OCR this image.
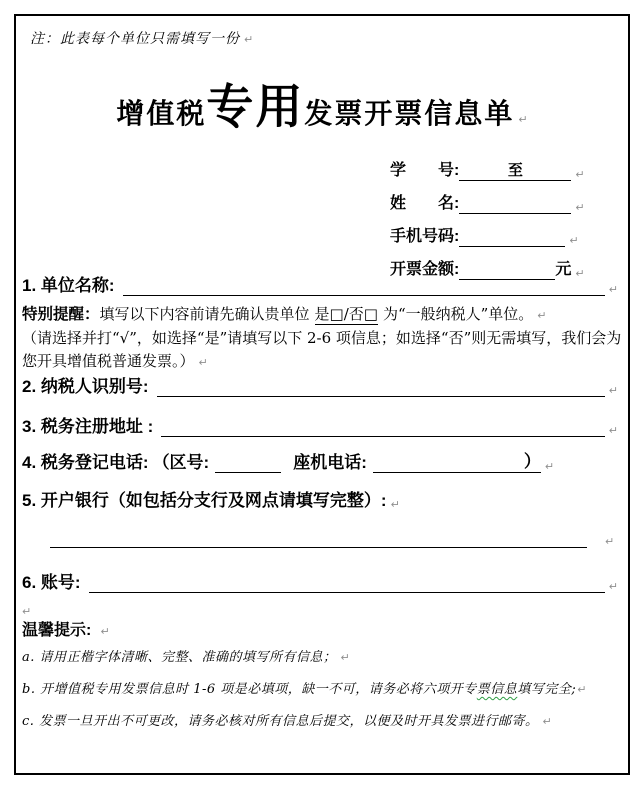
注：此表每个单位只需填写一份 ↵
增值税专用发票开票信息单 ↵
学　　号:	至	↵
姓　　名:	↵
手机号码:	↵
开票金额:	元 ↵
1. 单位名称:	↵
特别提醒：填写以下内容前请先确认贵单位 是□/否□ 为“一般纳税人”单位。 ↵
（请选择并打“√”，如选择“是”请填写以下 2-6 项信息；如选择“否”则无需填写，我们会为您开具增值税普通发票。） ↵
2. 纳税人识别号:	↵
3. 税务注册地址 :	↵
4. 税务登记电话: （区号:	座机电话:	） ↵
5. 开户银行（如包括分支行及网点请填写完整）: ↵
↵
6. 账号:	↵
↵
温馨提示: ↵
a. 请用正楷字体清晰、完整、准确的填写所有信息； ↵
b. 开增值税专用发票信息时 1-6 项是必填项，缺一不可，请务必将六项开专票信息填写完全;↵
c. 发票一旦开出不可更改，请务必核对所有信息后提交，以便及时开具发票进行邮寄。 ↵
